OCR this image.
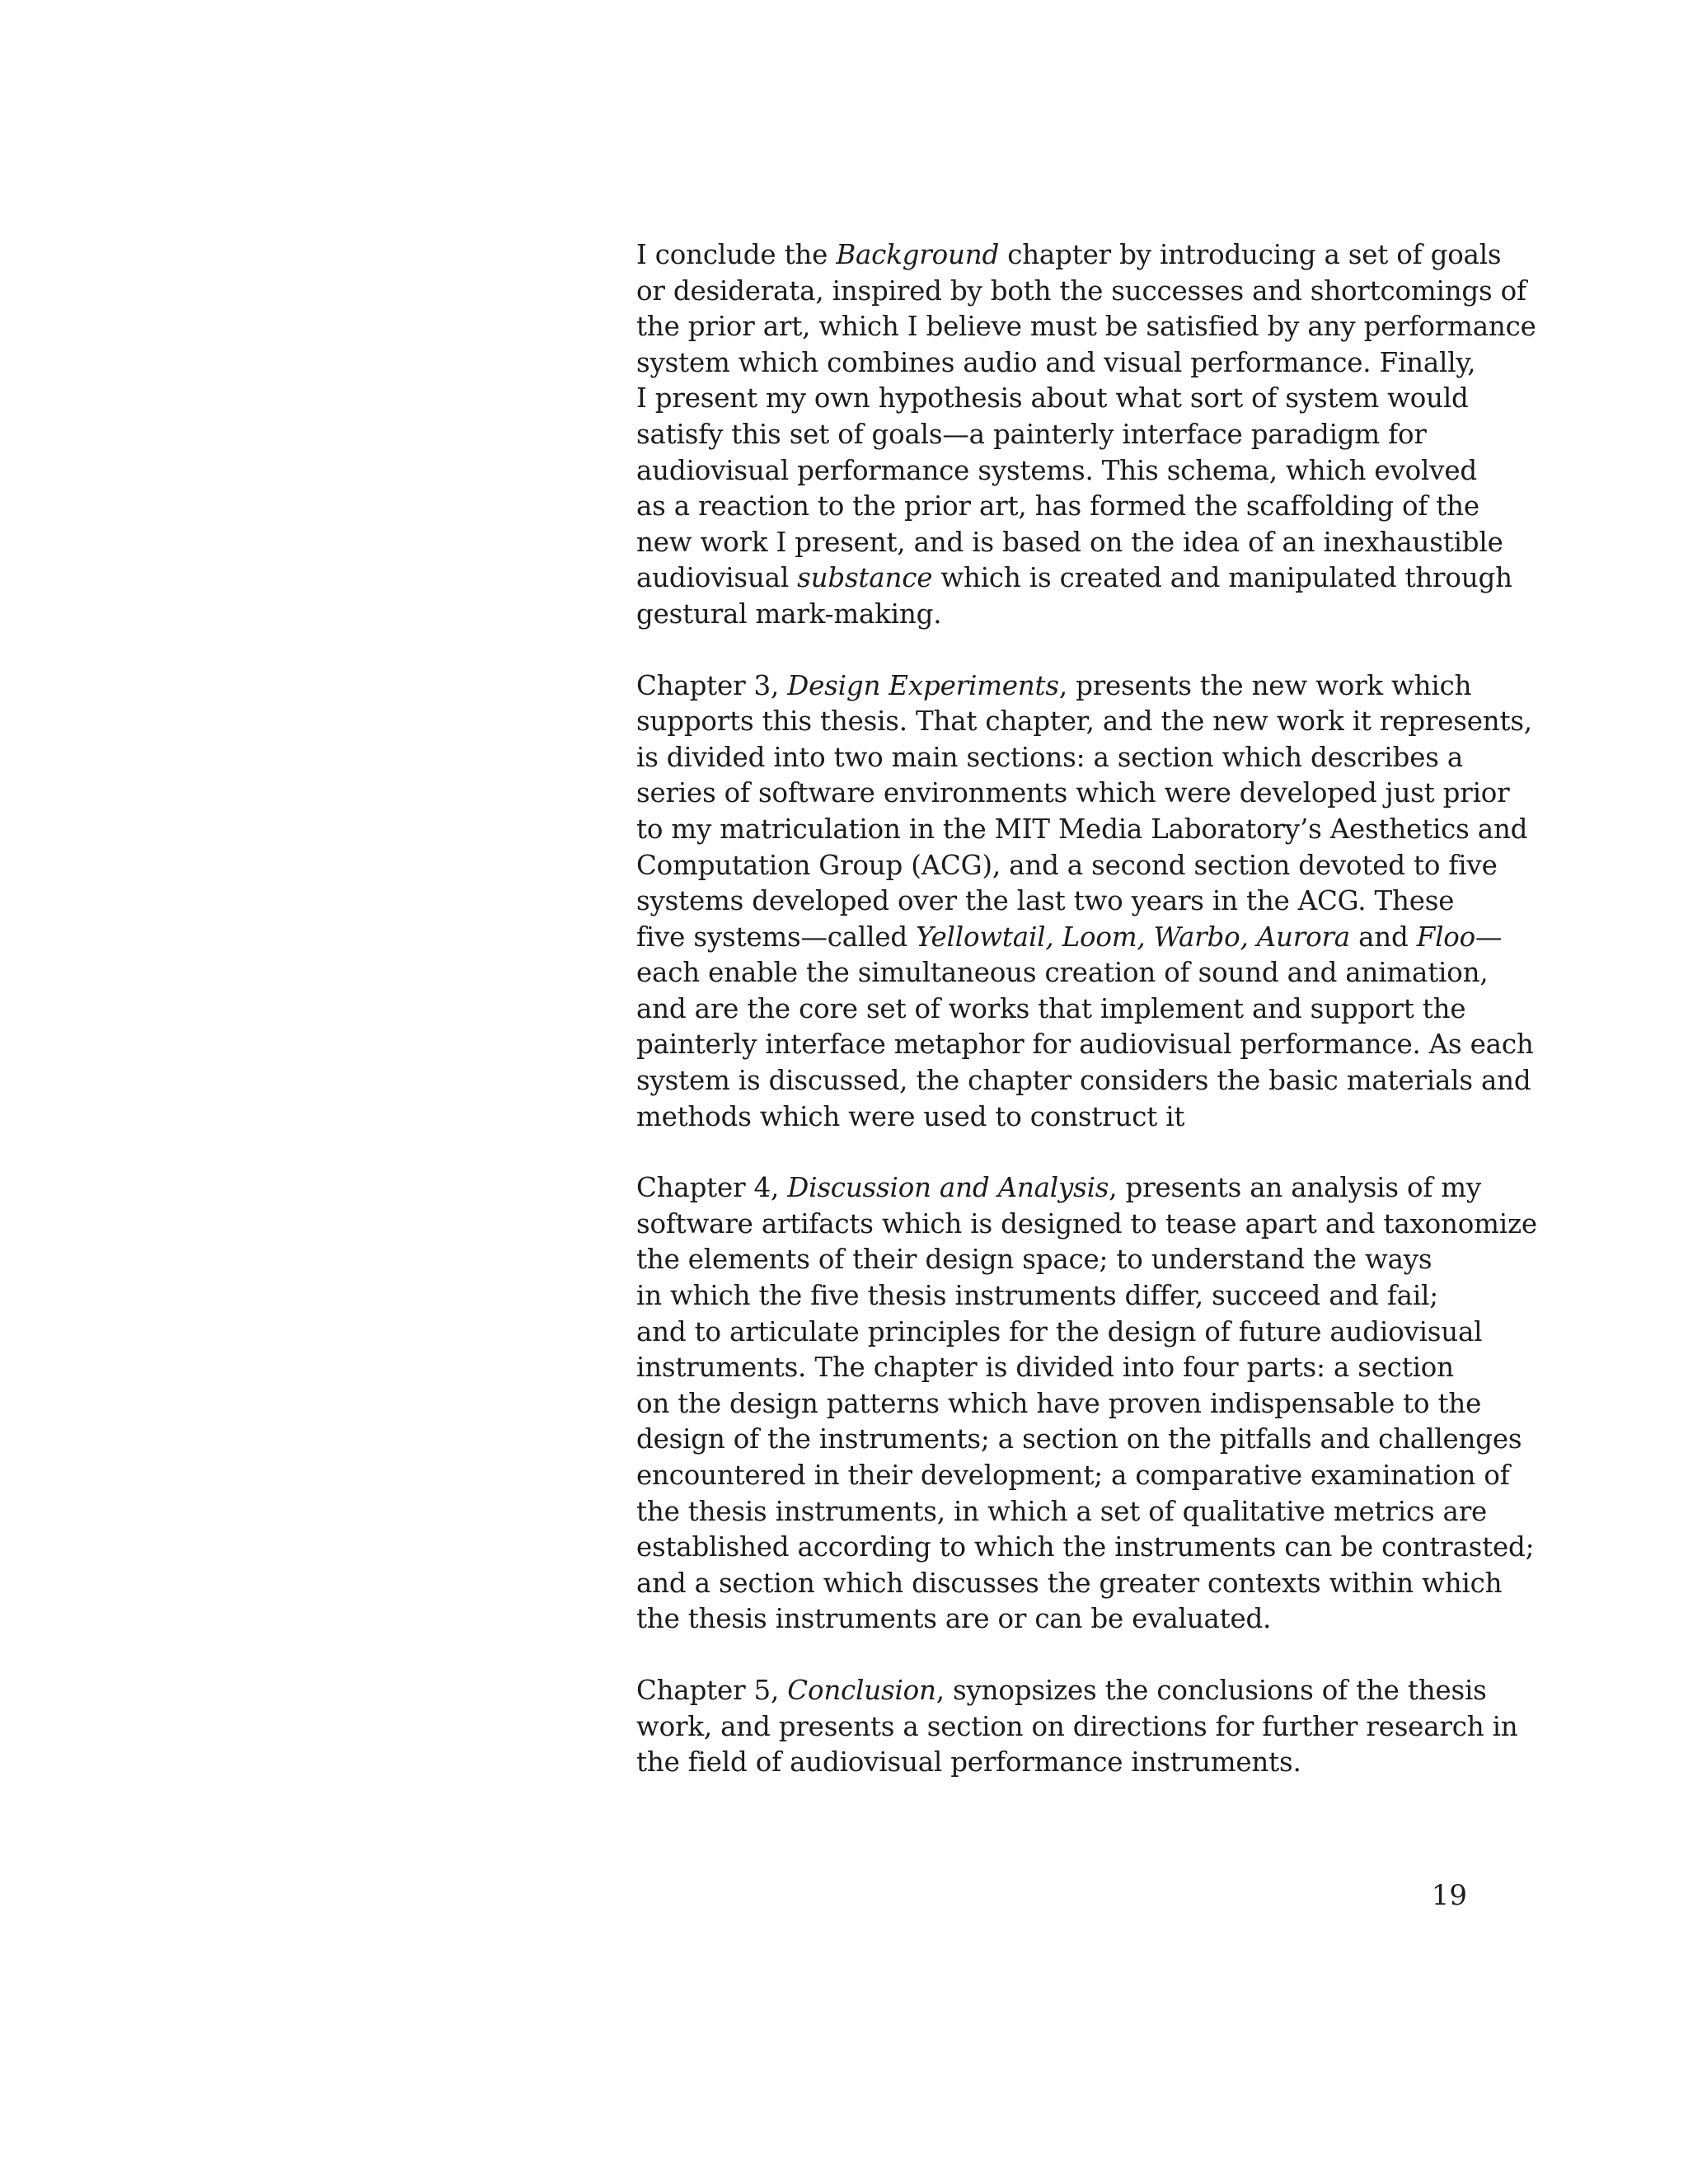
I conclude the Background chapter by introducing a set of goals
or desiderata, inspired by both the successes and shortcomings of
the prior art, which I believe must be satisfied by any performance
system which combines audio and visual performance. Finally,
I present my own hypothesis about what sort of system would
satisfy this set of goals—a painterly interface paradigm for
audiovisual performance systems. This schema, which evolved
as a reaction to the prior art, has formed the scaffolding of the
new work I present, and is based on the idea of an inexhaustible
audiovisual substance which is created and manipulated through
gestural mark-making.

Chapter 3, Design Experiments, presents the new work which
supports this thesis. That chapter, and the new work it represents,
is divided into two main sections: a section which describes a
series of software environments which were developed just prior
to my matriculation in the MIT Media Laboratory’s Aesthetics and
Computation Group (ACG), and a second section devoted to five
systems developed over the last two years in the ACG. These
five systems—called Yellowtail, Loom, Warbo, Aurora and Floo—
each enable the simultaneous creation of sound and animation,
and are the core set of works that implement and support the
painterly interface metaphor for audiovisual performance. As each
system is discussed, the chapter considers the basic materials and
methods which were used to construct it

Chapter 4, Discussion and Analysis, presents an analysis of my
software artifacts which is designed to tease apart and taxonomize
the elements of their design space; to understand the ways
in which the five thesis instruments differ, succeed and fail;
and to articulate principles for the design of future audiovisual
instruments. The chapter is divided into four parts: a section
on the design patterns which have proven indispensable to the
design of the instruments; a section on the pitfalls and challenges
encountered in their development; a comparative examination of
the thesis instruments, in which a set of qualitative metrics are
established according to which the instruments can be contrasted;
and a section which discusses the greater contexts within which
the thesis instruments are or can be evaluated.

Chapter 5, Conclusion, synopsizes the conclusions of the thesis
work, and presents a section on directions for further research in
the field of audiovisual performance instruments.

19
